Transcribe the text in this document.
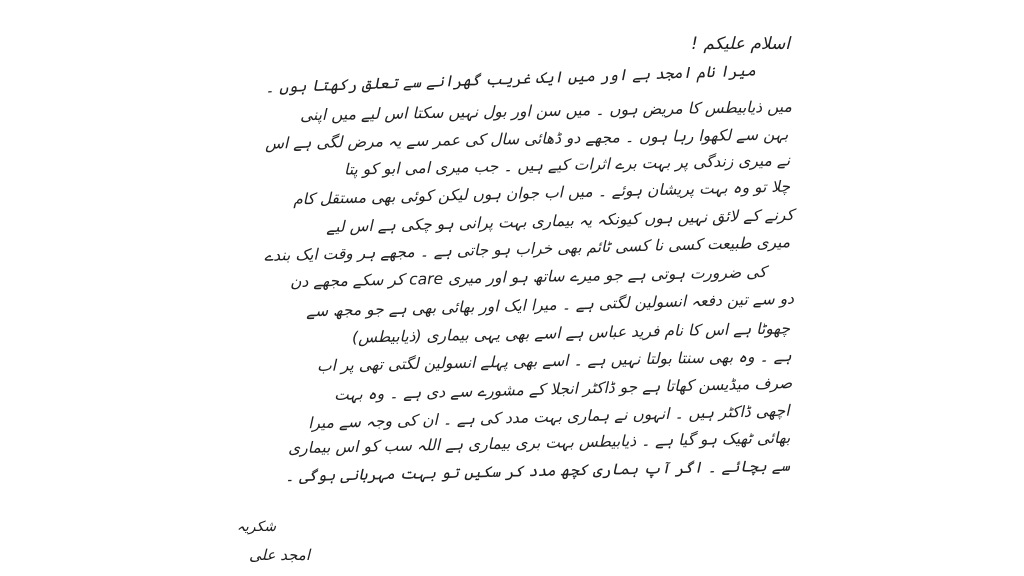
اسلام علیکم !
میرا نام امجد ہے اور میں ایک غریب گھرانے سے تعلق رکھتا ہوں ۔
میں ذیابیطس کا مریض ہوں ۔ میں سن اور بول نہیں سکتا اس لیے میں اپنی
بہن سے لکھوا رہا ہوں ۔ مجھے دو ڈھائی سال کی عمر سے یہ مرض لگی ہے اس
نے میری زندگی پر بہت برے اثرات کیے ہیں ۔ جب میری امی ابو کو پتا
چلا تو وہ بہت پریشان ہوئے ۔ میں اب جوان ہوں لیکن کوئی بھی مستقل کام
کرنے کے لائق نہیں ہوں کیونکہ یہ بیماری بہت پرانی ہو چکی ہے اس لیے
میری طبیعت کسی نا کسی ٹائم بھی خراب ہو جاتی ہے ۔ مجھے ہر وقت ایک بندے
کی ضرورت ہوتی ہے جو میرے ساتھ ہو اور میری care کر سکے مجھے دن
دو سے تین دفعہ انسولین لگتی ہے ۔ میرا ایک اور بھائی بھی ہے جو مجھ سے
چھوٹا ہے اس کا نام فرید عباس ہے اسے بھی یہی بیماری (ذیابیطس)
ہے ۔ وہ بھی سنتا بولتا نہیں ہے ۔ اسے بھی پہلے انسولین لگتی تھی پر اب
صرف میڈیسن کھاتا ہے جو ڈاکٹر انجلا کے مشورے سے دی ہے ۔ وہ بہت
اچھی ڈاکٹر ہیں ۔ انہوں نے ہماری بہت مدد کی ہے ۔ ان کی وجہ سے میرا
بھائی ٹھیک ہو گیا ہے ۔ ذیابیطس بہت بری بیماری ہے اللہ سب کو اس بیماری
سے بچائے ۔ اگر آپ ہماری کچھ مدد کر سکیں تو بہت مہربانی ہوگی ۔
شکریہ
امجد علی
